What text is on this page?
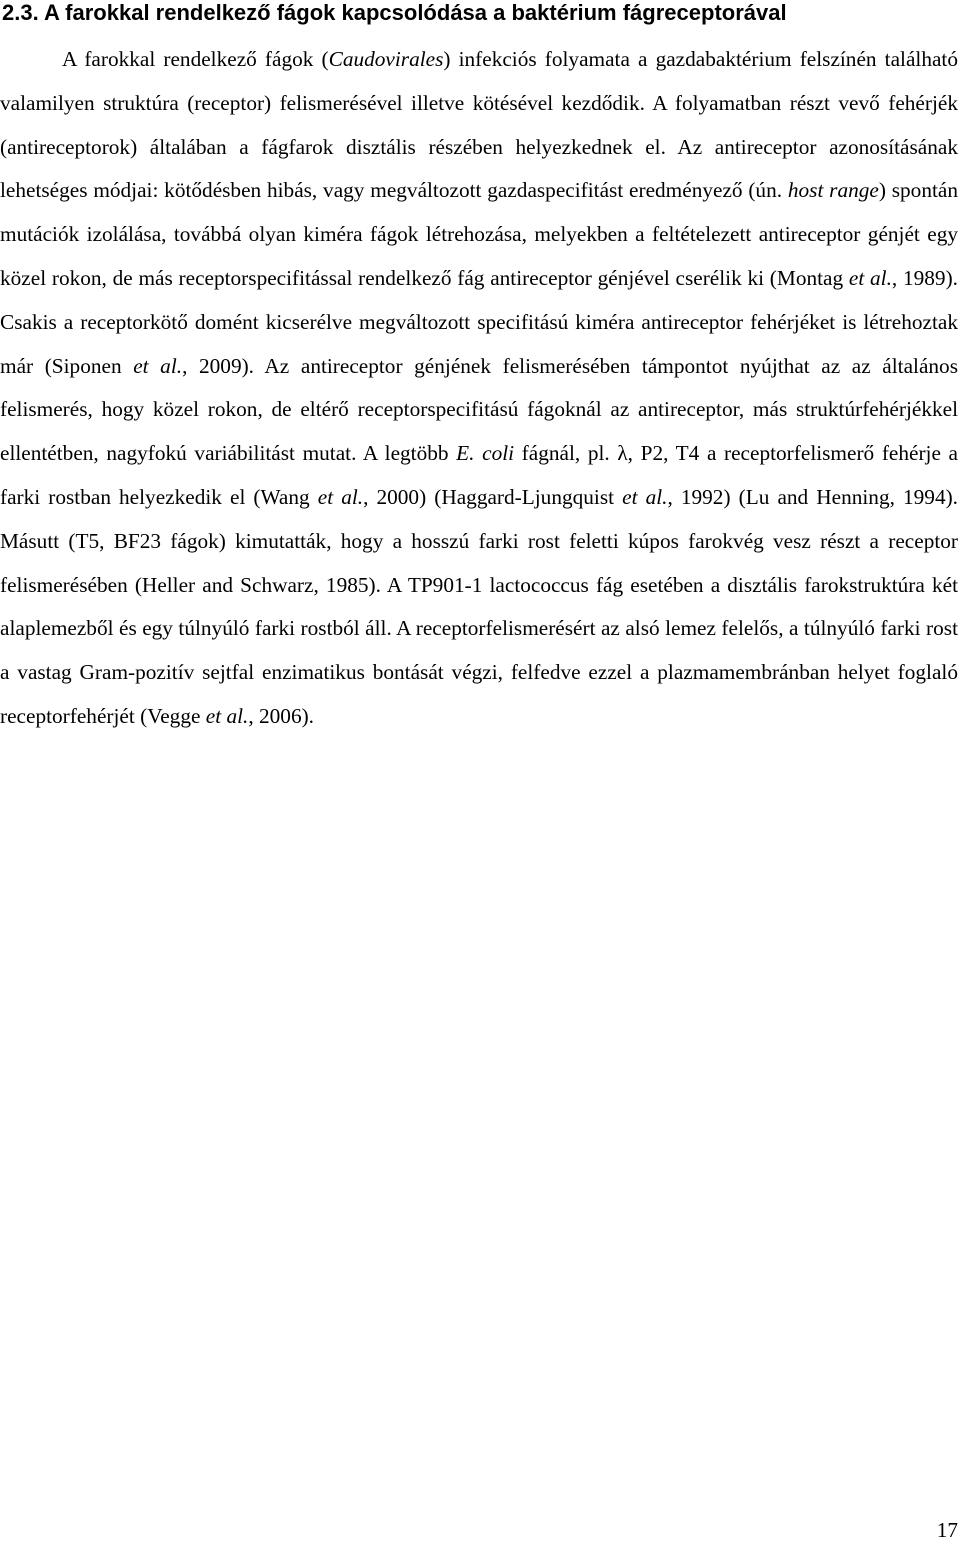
2.3. A farokkal rendelkező fágok kapcsolódása a baktérium fágreceptorával

A farokkal rendelkező fágok (Caudovirales) infekciós folyamata a gazdabaktérium felszínén található valamilyen struktúra (receptor) felismerésével illetve kötésével kezdődik. A folyamatban részt vevő fehérjék (antireceptorok) általában a fágfarok disztális részében helyezkednek el. Az antireceptor azonosításának lehetséges módjai: kötődésben hibás, vagy megváltozott gazdaspecifitást eredményező (ún. host range) spontán mutációk izolálása, továbbá olyan kiméra fágok létrehozása, melyekben a feltételezett antireceptor génjét egy közel rokon, de más receptorspecifitással rendelkező fág antireceptor génjével cserélik ki (Montag et al., 1989). Csakis a receptorkötő domént kicserélve megváltozott specifitású kiméra antireceptor fehérjéket is létrehoztak már (Siponen et al., 2009). Az antireceptor génjének felismerésében támpontot nyújthat az az általános felismerés, hogy közel rokon, de eltérő receptorspecifitású fágoknál az antireceptor, más struktúrfehérjékkel ellentétben, nagyfokú variábilitást mutat. A legtöbb E. coli fágnál, pl. λ, P2, T4 a receptorfelismerő fehérje a farki rostban helyezkedik el (Wang et al., 2000) (Haggard-Ljungquist et al., 1992) (Lu and Henning, 1994). Másutt (T5, BF23 fágok) kimutatták, hogy a hosszú farki rost feletti kúpos farokvég vesz részt a receptor felismerésében (Heller and Schwarz, 1985). A TP901-1 lactococcus fág esetében a disztális farokstruktúra két alaplemezből és egy túlnyúló farki rostból áll. A receptorfelismerésért az alsó lemez felelős, a túlnyúló farki rost a vastag Gram-pozitív sejtfal enzimatikus bontását végzi, felfedve ezzel a plazmamembránban helyet foglaló receptorfehérjét (Vegge et al., 2006).

17
